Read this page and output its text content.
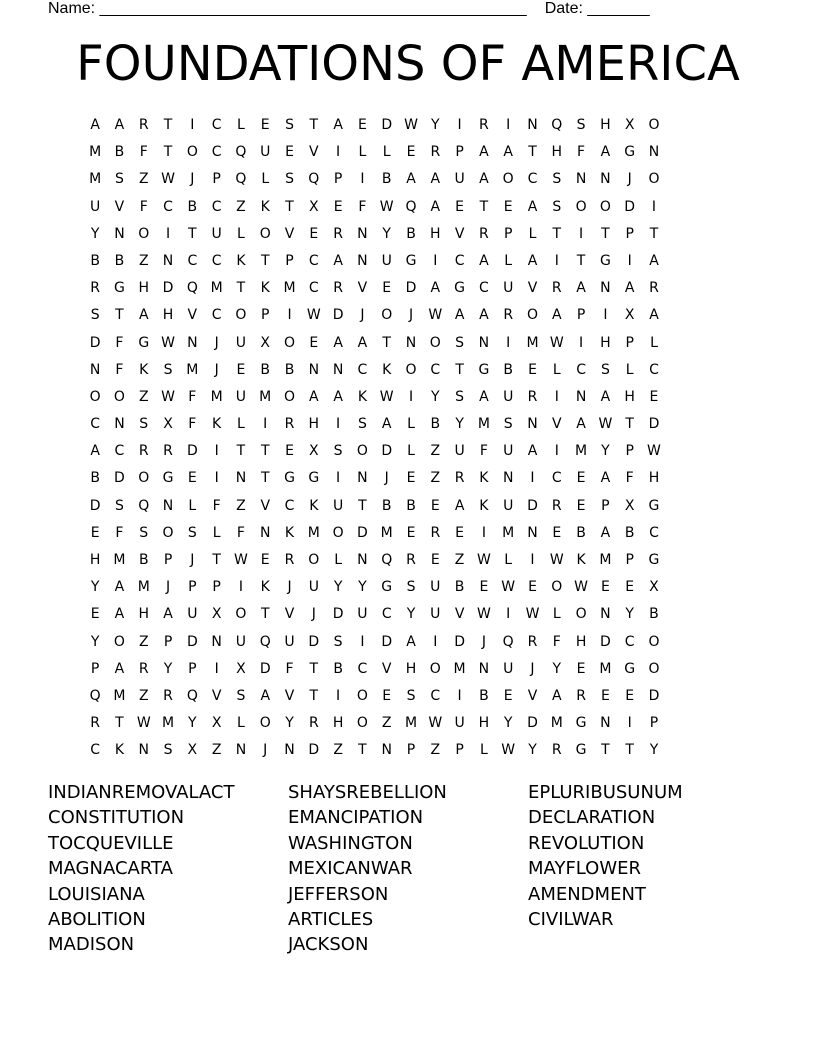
Name: ________________________________________________ Date: _______
FOUNDATIONS OF AMERICA
A	A	R	T	I	C	L	E	S	T	A	E	D W Y	I	R	I	N Q	S	H	X O
M B	F	T	O C Q U	E	V	I	L	L	E	R	P	A	A	T	H	F	A	G N
M S	Z W	J	P	Q	L	S	Q	P	I	B	A	A	U	A O C	S	N N	J	O
U	V	F	C	B	C	Z	K	T	X	E	F W Q	A	E	T	E	A	S	O O D	I
Y	N O	I	T	U	L	O	V	E	R	N	Y	B	H	V	R	P	L	T	I	T	P	T
B	B	Z	N	C	C	K	T	P	C	A	N U G	I	C	A	L	A	I	T	G	I	A
R	G H D Q M T	K M C	R	V	E	D	A	G C	U	V	R	A	N	A	R
S	T	A	H	V	C O	P	I	W D	J	O	J	W A	A	R O	A	P	I	X	A
D	F	G W N	J	U	X O	E	A	A	T	N O	S	N	I	M W	I	H	P	L
N	F	K	S M	J	E	B	B	N N	C	K	O C	T	G	B	E	L	C	S	L	C
O O Z W F	M U M O	A	A	K W	I	Y	S	A	U	R	I	N	A	H	E
C	N	S	X	F	K	L	I	R	H	I	S	A	L	B	Y M S	N	V	A W T	D
A	C	R	R	D	I	T	T	E	X	S	O D	L	Z	U	F	U	A	I	M Y	P W
B	D O G	E	I	N	T	G G	I	N	J	E	Z	R	K	N	I	C	E	A	F	H
D	S	Q N	L	F	Z	V	C	K	U	T	B	B	E	A	K	U D	R	E	P	X	G
E	F	S	O	S	L	F	N	K M O D M E	R	E	I	M N	E	B	A	B	C
H M B	P	J	T W E	R O	L	N Q R	E	Z W L	I	W K M	P	G
Y	A M	J	P	P	I	K	J	U	Y	Y	G	S	U	B	E W E	O W E	E	X
E	A	H	A	U	X O	T	V	J	D U	C	Y	U	V W	I	W L	O N	Y	B
Y	O Z	P	D N U Q U D	S	I	D	A	I	D	J	Q R	F	H D	C O
P	A	R	Y	P	I	X	D	F	T	B	C	V	H O M N U	J	Y	E M G O
Q M Z	R Q	V	S	A	V	T	I	O	E	S	C	I	B	E	V	A	R	E	E	D
R	T W M Y	X	L	O	Y	R	H O Z M W U H	Y	D M G N	I	P
C	K	N	S	X	Z	N	J	N D	Z	T	N	P	Z	P	L W Y	R	G	T	T	Y
INDIANREMOVALACT
CONSTITUTION
TOCQUEVILLE
MAGNACARTA
LOUISIANA
ABOLITION
MADISON
SHAYSREBELLION
EMANCIPATION
WASHINGTON
MEXICANWAR
JEFFERSON
ARTICLES
JACKSON
EPLURIBUSUNUM
DECLARATION
REVOLUTION
MAYFLOWER
AMENDMENT
CIVILWAR
